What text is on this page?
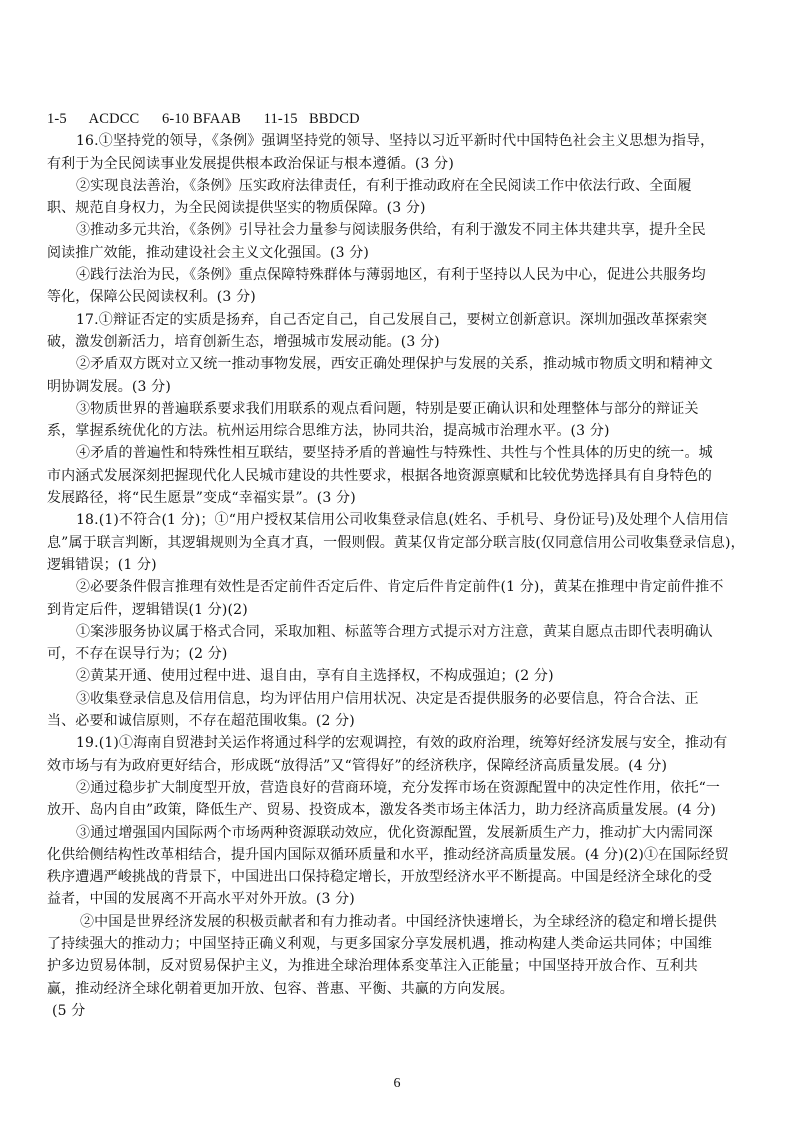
1-5      ACDCC      6-10 BFAAB      11-15   BBDCD
16.①坚持党的领导，《条例》强调坚持党的领导、坚持以习近平新时代中国特色社会主义思想为指导，
有利于为全民阅读事业发展提供根本政治保证与根本遵循。(3 分)
②实现良法善治，《条例》压实政府法律责任，有利于推动政府在全民阅读工作中依法行政、全面履
职、规范自身权力，为全民阅读提供坚实的物质保障。(3 分)
③推动多元共治，《条例》引导社会力量参与阅读服务供给，有利于激发不同主体共建共享，提升全民
阅读推广效能，推动建设社会主义文化强国。(3 分)
④践行法治为民，《条例》重点保障特殊群体与薄弱地区，有利于坚持以人民为中心，促进公共服务均
等化，保障公民阅读权利。(3 分)
17.①辩证否定的实质是扬弃，自己否定自己，自己发展自己，要树立创新意识。深圳加强改革探索突
破，激发创新活力，培育创新生态，增强城市发展动能。(3 分)
②矛盾双方既对立又统一推动事物发展，西安正确处理保护与发展的关系，推动城市物质文明和精神文
明协调发展。(3 分)
③物质世界的普遍联系要求我们用联系的观点看问题，特别是要正确认识和处理整体与部分的辩证关
系，掌握系统优化的方法。杭州运用综合思维方法，协同共治，提高城市治理水平。(3 分)
④矛盾的普遍性和特殊性相互联结，要坚持矛盾的普遍性与特殊性、共性与个性具体的历史的统一。城
市内涵式发展深刻把握现代化人民城市建设的共性要求，根据各地资源禀赋和比较优势选择具有自身特色的
发展路径，将“民生愿景”变成“幸福实景”。(3 分)
18.(1)不符合(1 分)；①“用户授权某信用公司收集登录信息(姓名、手机号、身份证号)及处理个人信用信
息”属于联言判断，其逻辑规则为全真才真，一假则假。黄某仅肯定部分联言肢(仅同意信用公司收集登录信息)，
逻辑错误；(1 分)
②必要条件假言推理有效性是否定前件否定后件、肯定后件肯定前件(1 分)，黄某在推理中肯定前件推不
到肯定后件，逻辑错误(1 分)(2)
①案涉服务协议属于格式合同，采取加粗、标蓝等合理方式提示对方注意，黄某自愿点击即代表明确认
可，不存在误导行为；(2 分)
②黄某开通、使用过程中进、退自由，享有自主选择权，不构成强迫；(2 分)
③收集登录信息及信用信息，均为评估用户信用状况、决定是否提供服务的必要信息，符合合法、正
当、必要和诚信原则，不存在超范围收集。(2 分)
19.(1)①海南自贸港封关运作将通过科学的宏观调控，有效的政府治理，统筹好经济发展与安全，推动有
效市场与有为政府更好结合，形成既“放得活”又“管得好”的经济秩序，保障经济高质量发展。(4 分)
②通过稳步扩大制度型开放，营造良好的营商环境，充分发挥市场在资源配置中的决定性作用，依托“一
放开、岛内自由”政策，降低生产、贸易、投资成本，激发各类市场主体活力，助力经济高质量发展。(4 分)
③通过增强国内国际两个市场两种资源联动效应，优化资源配置，发展新质生产力，推动扩大内需同深
化供给侧结构性改革相结合，提升国内国际双循环质量和水平，推动经济高质量发展。(4 分)(2)①在国际经贸
秩序遭遇严峻挑战的背景下，中国进出口保持稳定增长，开放型经济水平不断提高。中国是经济全球化的受
益者，中国的发展离不开高水平对外开放。(3 分)
②中国是世界经济发展的积极贡献者和有力推动者。中国经济快速增长，为全球经济的稳定和增长提供
了持续强大的推动力；中国坚持正确义利观，与更多国家分享发展机遇，推动构建人类命运共同体；中国维
护多边贸易体制，反对贸易保护主义，为推进全球治理体系变革注入正能量；中国坚持开放合作、互利共
赢，推动经济全球化朝着更加开放、包容、普惠、平衡、共赢的方向发展。
(5 分
6
